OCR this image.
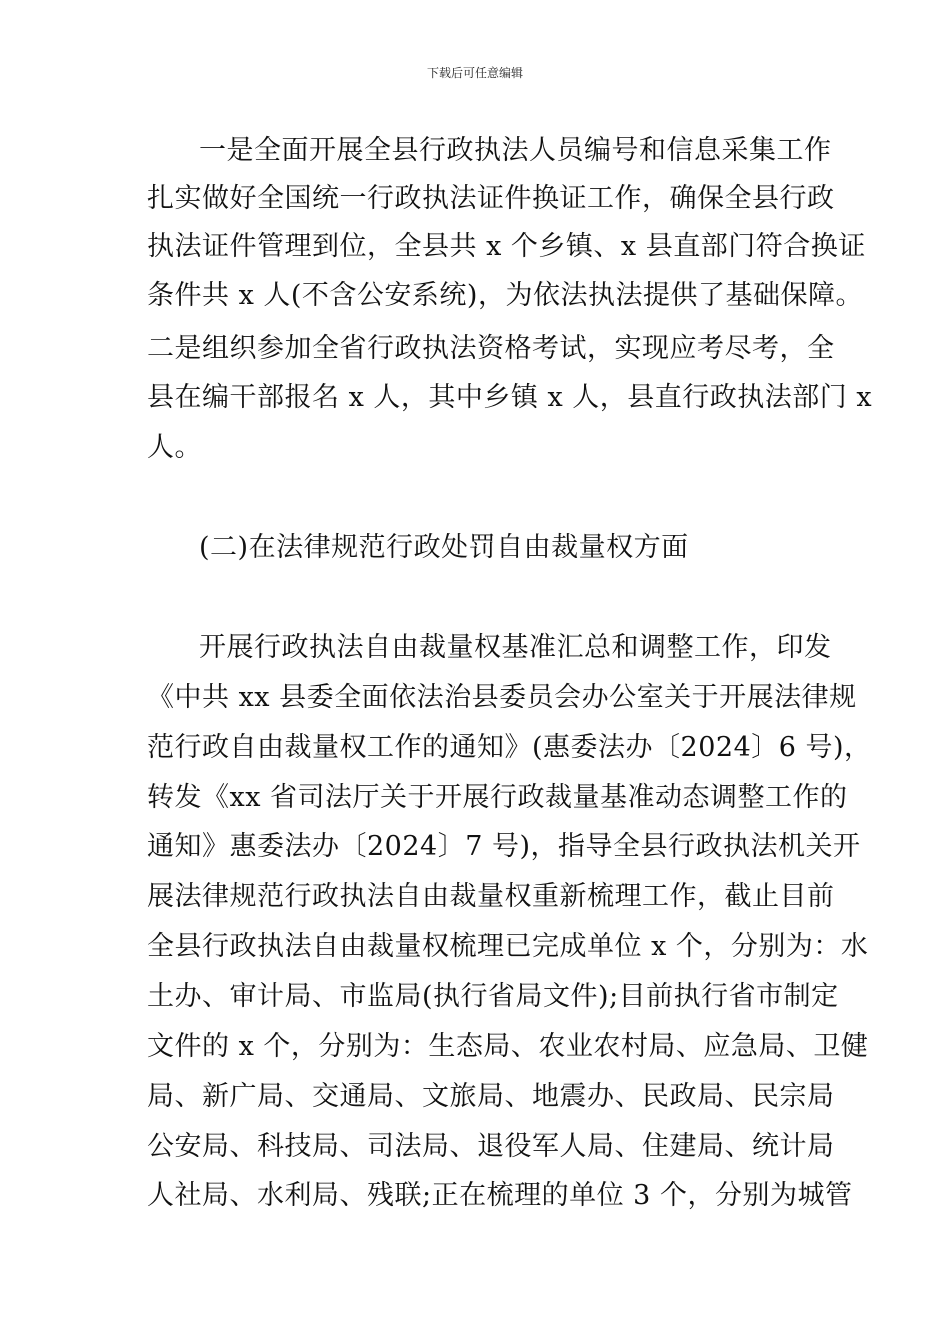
下载后可任意编辑
一是全面开展全县行政执法人员编号和信息采集工作
扎实做好全国统一行政执法证件换证工作，确保全县行政
执法证件管理到位，全县共 x 个乡镇、x 县直部门符合换证
条件共 x 人(不含公安系统)，为依法执法提供了基础保障。
二是组织参加全省行政执法资格考试，实现应考尽考，全
县在编干部报名 x 人，其中乡镇 x 人，县直行政执法部门 x
人。
(二)在法律规范行政处罚自由裁量权方面
开展行政执法自由裁量权基准汇总和调整工作，印发
《中共 xx 县委全面依法治县委员会办公室关于开展法律规
范行政自由裁量权工作的通知》(惠委法办〔2024〕6 号)，
转发《xx 省司法厅关于开展行政裁量基准动态调整工作的
通知》惠委法办〔2024〕7 号)，指导全县行政执法机关开
展法律规范行政执法自由裁量权重新梳理工作，截止目前
全县行政执法自由裁量权梳理已完成单位 x 个，分别为：水
土办、审计局、市监局(执行省局文件);目前执行省市制定
文件的 x 个，分别为：生态局、农业农村局、应急局、卫健
局、新广局、交通局、文旅局、地震办、民政局、民宗局
公安局、科技局、司法局、退役军人局、住建局、统计局
人社局、水利局、残联;正在梳理的单位 3 个，分别为城管
